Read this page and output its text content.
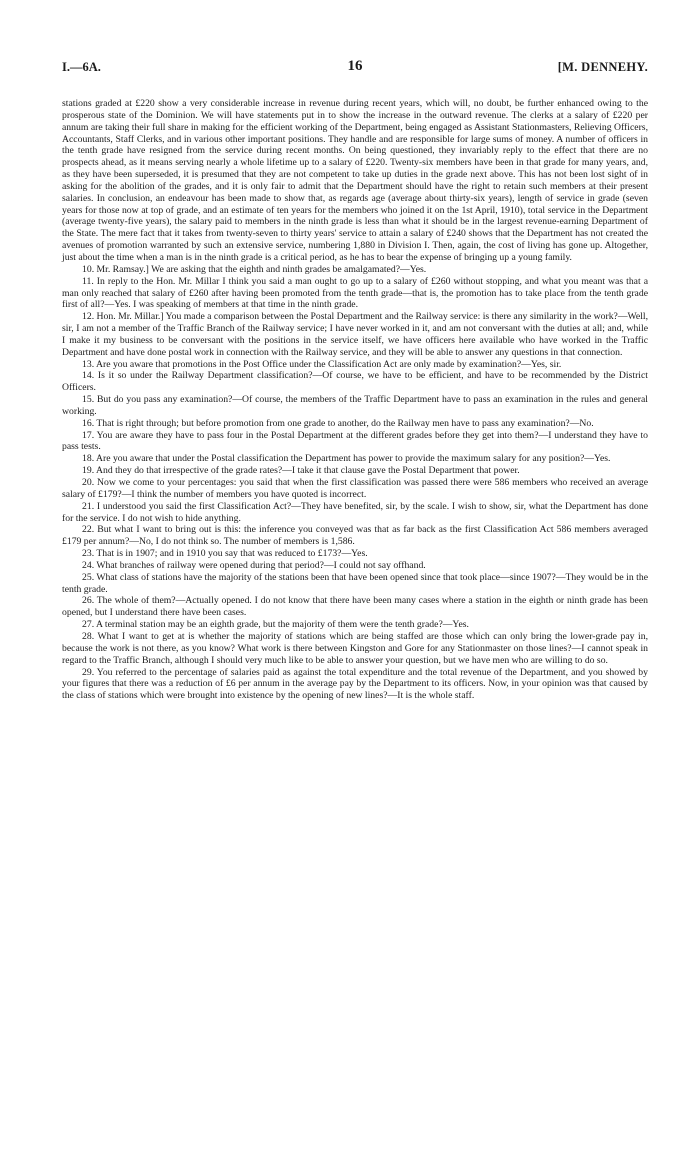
I.—6A.	16	[M. DENNEHY.

stations graded at £220 show a very considerable increase in revenue during recent years, which will, no doubt, be further enhanced owing to the prosperous state of the Dominion. We will have statements put in to show the increase in the outward revenue. The clerks at a salary of £220 per annum are taking their full share in making for the efficient working of the Department, being engaged as Assistant Stationmasters, Relieving Officers, Accountants, Staff Clerks, and in various other important positions. They handle and are responsible for large sums of money. A number of officers in the tenth grade have resigned from the service during recent months. On being questioned, they invariably reply to the effect that there are no prospects ahead, as it means serving nearly a whole lifetime up to a salary of £220. Twenty-six members have been in that grade for many years, and, as they have been superseded, it is presumed that they are not competent to take up duties in the grade next above. This has not been lost sight of in asking for the abolition of the grades, and it is only fair to admit that the Department should have the right to retain such members at their present salaries. In conclusion, an endeavour has been made to show that, as regards age (average about thirty-six years), length of service in grade (seven years for those now at top of grade, and an estimate of ten years for the members who joined it on the 1st April, 1910), total service in the Department (average twenty-five years), the salary paid to members in the ninth grade is less than what it should be in the largest revenue-earning Department of the State. The mere fact that it takes from twenty-seven to thirty years' service to attain a salary of £240 shows that the Department has not created the avenues of promotion warranted by such an extensive service, numbering 1,880 in Division I. Then, again, the cost of living has gone up. Altogether, just about the time when a man is in the ninth grade is a critical period, as he has to bear the expense of bringing up a young family.

10. Mr. Ramsay.] We are asking that the eighth and ninth grades be amalgamated?—Yes.

11. In reply to the Hon. Mr. Millar I think you said a man ought to go up to a salary of £260 without stopping, and what you meant was that a man only reached that salary of £260 after having been promoted from the tenth grade—that is, the promotion has to take place from the tenth grade first of all?—Yes. I was speaking of members at that time in the ninth grade.

12. Hon. Mr. Millar.] You made a comparison between the Postal Department and the Railway service: is there any similarity in the work?—Well, sir, I am not a member of the Traffic Branch of the Railway service; I have never worked in it, and am not conversant with the duties at all; and, while I make it my business to be conversant with the positions in the service itself, we have officers here available who have worked in the Traffic Department and have done postal work in connection with the Railway service, and they will be able to answer any questions in that connection.

13. Are you aware that promotions in the Post Office under the Classification Act are only made by examination?—Yes, sir.

14. Is it so under the Railway Department classification?—Of course, we have to be efficient, and have to be recommended by the District Officers.

15. But do you pass any examination?—Of course, the members of the Traffic Department have to pass an examination in the rules and general working.

16. That is right through; but before promotion from one grade to another, do the Railway men have to pass any examination?—No.

17. You are aware they have to pass four in the Postal Department at the different grades before they get into them?—I understand they have to pass tests.

18. Are you aware that under the Postal classification the Department has power to provide the maximum salary for any position?—Yes.

19. And they do that irrespective of the grade rates?—I take it that clause gave the Postal Department that power.

20. Now we come to your percentages: you said that when the first classification was passed there were 586 members who received an average salary of £179?—I think the number of members you have quoted is incorrect.

21. I understood you said the first Classification Act?—They have benefited, sir, by the scale. I wish to show, sir, what the Department has done for the service. I do not wish to hide anything.

22. But what I want to bring out is this: the inference you conveyed was that as far back as the first Classification Act 586 members averaged £179 per annum?—No, I do not think so. The number of members is 1,586.

23. That is in 1907; and in 1910 you say that was reduced to £173?—Yes.

24. What branches of railway were opened during that period?—I could not say offhand.

25. What class of stations have the majority of the stations been that have been opened since that took place—since 1907?—They would be in the tenth grade.

26. The whole of them?—Actually opened. I do not know that there have been many cases where a station in the eighth or ninth grade has been opened, but I understand there have been cases.

27. A terminal station may be an eighth grade, but the majority of them were the tenth grade?—Yes.

28. What I want to get at is whether the majority of stations which are being staffed are those which can only bring the lower-grade pay in, because the work is not there, as you know? What work is there between Kingston and Gore for any Stationmaster on those lines?—I cannot speak in regard to the Traffic Branch, although I should very much like to be able to answer your question, but we have men who are willing to do so.

29. You referred to the percentage of salaries paid as against the total expenditure and the total revenue of the Department, and you showed by your figures that there was a reduction of £6 per annum in the average pay by the Department to its officers. Now, in your opinion was that caused by the class of stations which were brought into existence by the opening of new lines?—It is the whole staff.
